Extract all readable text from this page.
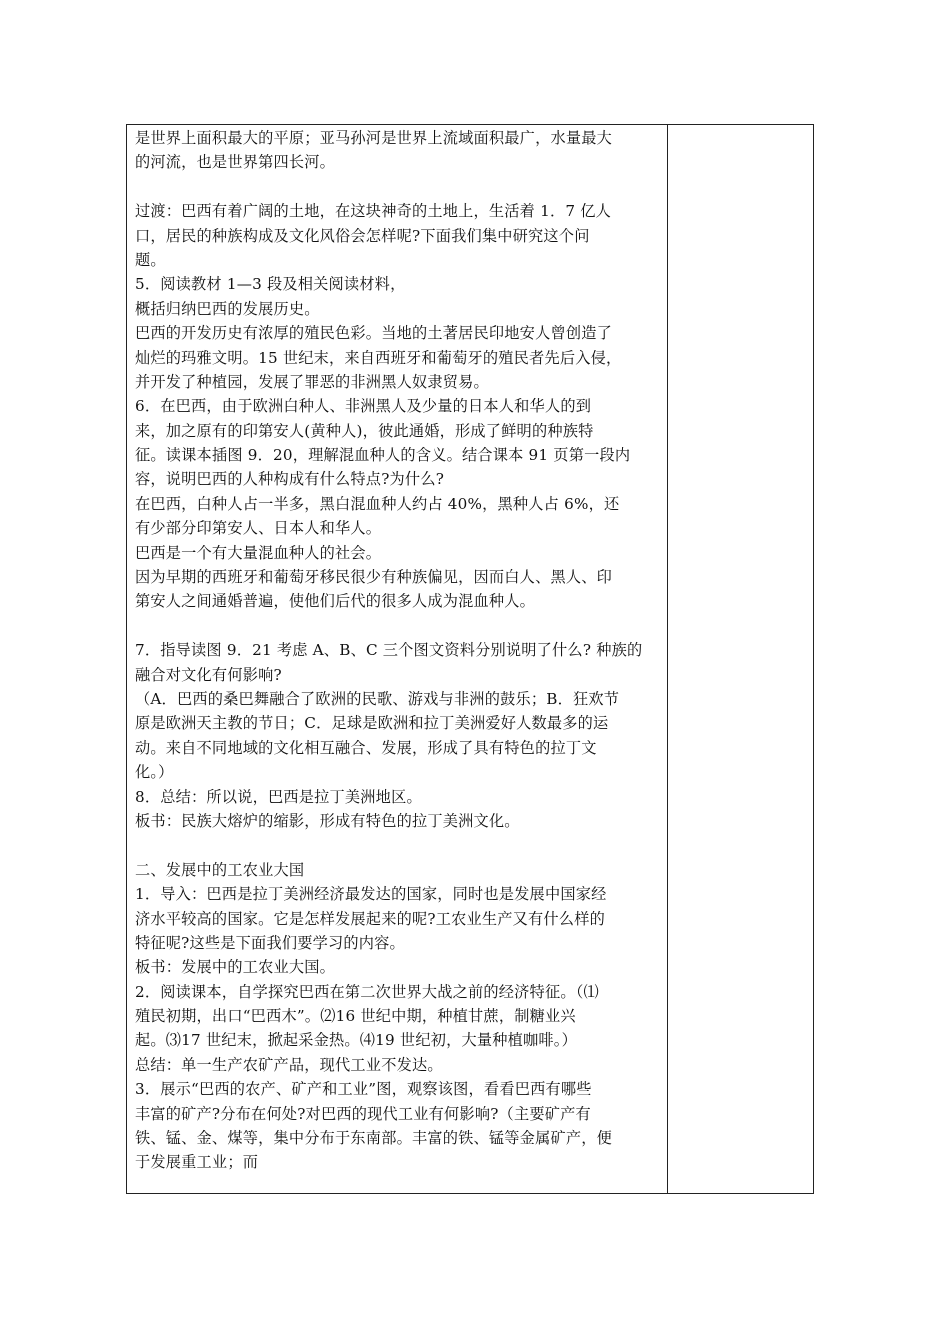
是世界上面积最大的平原；亚马孙河是世界上流域面积最广，水量最大
的河流，也是世界第四长河。
过渡：巴西有着广阔的土地，在这块神奇的土地上，生活着 1．7 亿人
口，居民的种族构成及文化风俗会怎样呢?下面我们集中研究这个问
题。
5．阅读教材 1—3 段及相关阅读材料，
概括归纳巴西的发展历史。
巴西的开发历史有浓厚的殖民色彩。当地的土著居民印地安人曾创造了
灿烂的玛雅文明。15 世纪末，来自西班牙和葡萄牙的殖民者先后入侵，
并开发了种植园，发展了罪恶的非洲黑人奴隶贸易。
6．在巴西，由于欧洲白种人、非洲黑人及少量的日本人和华人的到
来，加之原有的印第安人(黄种人)，彼此通婚，形成了鲜明的种族特
征。读课本插图 9．20，理解混血种人的含义。结合课本 91 页第一段内
容，说明巴西的人种构成有什么特点?为什么?
在巴西，白种人占一半多，黑白混血种人约占 40%，黑种人占 6%，还
有少部分印第安人、日本人和华人。
巴西是一个有大量混血种人的社会。
因为早期的西班牙和葡萄牙移民很少有种族偏见，因而白人、黑人、印
第安人之间通婚普遍，使他们后代的很多人成为混血种人。
7．指导读图 9．21 考虑 A、B、C 三个图文资料分别说明了什么? 种族的
融合对文化有何影响?
（A．巴西的桑巴舞融合了欧洲的民歌、游戏与非洲的鼓乐；B．狂欢节
原是欧洲天主教的节日；C．足球是欧洲和拉丁美洲爱好人数最多的运
动。来自不同地域的文化相互融合、发展，形成了具有特色的拉丁文
化。）
8．总结：所以说，巴西是拉丁美洲地区。
板书：民族大熔炉的缩影，形成有特色的拉丁美洲文化。
二、发展中的工农业大国
1．导入：巴西是拉丁美洲经济最发达的国家，同时也是发展中国家经
济水平较高的国家。它是怎样发展起来的呢?工农业生产又有什么样的
特征呢?这些是下面我们要学习的内容。
板书：发展中的工农业大国。
2．阅读课本，自学探究巴西在第二次世界大战之前的经济特征。（⑴
殖民初期，出口“巴西木”。⑵16 世纪中期，种植甘蔗，制糖业兴
起。⑶17 世纪末，掀起采金热。⑷19 世纪初，大量种植咖啡。）
总结：单一生产农矿产品，现代工业不发达。
3．展示“巴西的农产、矿产和工业”图，观察该图，看看巴西有哪些
丰富的矿产?分布在何处?对巴西的现代工业有何影响?（主要矿产有
铁、锰、金、煤等，集中分布于东南部。丰富的铁、锰等金属矿产，便
于发展重工业；而
